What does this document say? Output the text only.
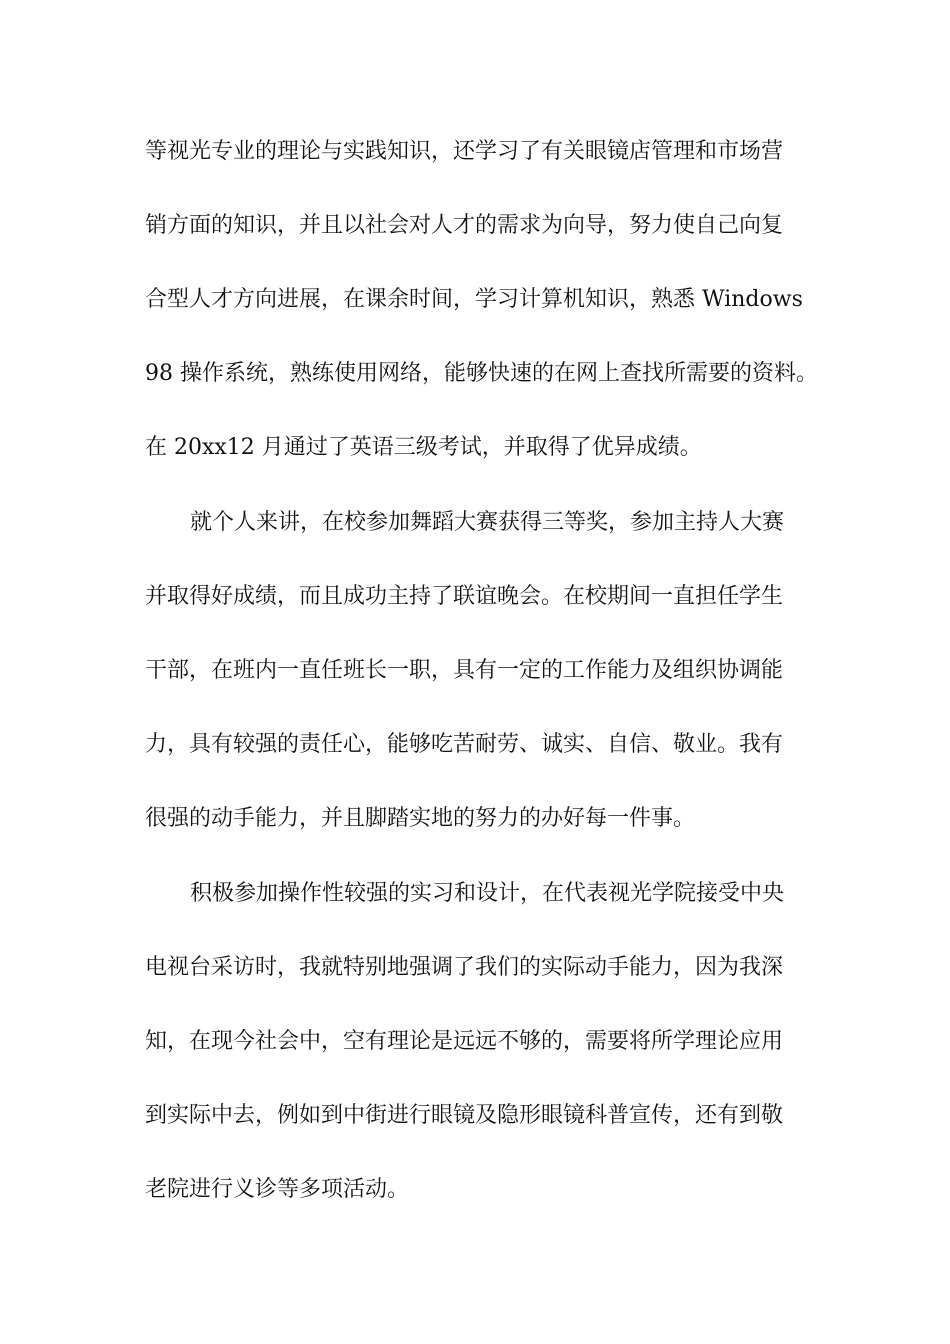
等视光专业的理论与实践知识，还学习了有关眼镜店管理和市场营
销方面的知识，并且以社会对人才的需求为向导，努力使自己向复
合型人才方向进展，在课余时间，学习计算机知识，熟悉 Windows
98 操作系统，熟练使用网络，能够快速的在网上查找所需要的资料。
在 20xx12 月通过了英语三级考试，并取得了优异成绩。
就个人来讲，在校参加舞蹈大赛获得三等奖，参加主持人大赛
并取得好成绩，而且成功主持了联谊晚会。在校期间一直担任学生
干部，在班内一直任班长一职，具有一定的工作能力及组织协调能
力，具有较强的责任心，能够吃苦耐劳、诚实、自信、敬业。我有
很强的动手能力，并且脚踏实地的努力的办好每一件事。
积极参加操作性较强的实习和设计，在代表视光学院接受中央
电视台采访时，我就特别地强调了我们的实际动手能力，因为我深
知，在现今社会中，空有理论是远远不够的，需要将所学理论应用
到实际中去，例如到中街进行眼镜及隐形眼镜科普宣传，还有到敬
老院进行义诊等多项活动。
